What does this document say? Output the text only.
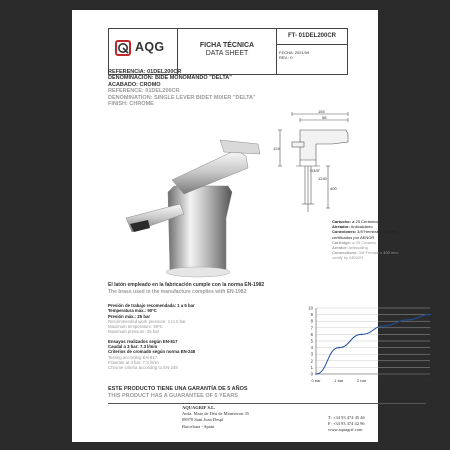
AQG	FICHA TÉCNICA
DATA SHEET
FT- 01DEL200CR
FECHA: 2021/09
REV.: 0
REFERENCIA: 01DEL200CR
DENOMINACIÓN: BIDÉ MONOMANDO "DELTA"
ACABADO: CROMO
REFERENCE: 01DEL200CR
DENOMINATION: SINGLE LEVER BIDET MIXER "DELTA"
FINISH: CHROME
155
58
124
G3/8"
400
1240
Cartucho: ø 25 Cerámico
Aireador: Anticalcáreo
Conexiones: 3/8"Hembra x 400 mm.
certificados por AENOR
Cartridge: ø 25 Ceramic
Aerator: Antiscaling
Connections: 3/8"Female x 400 mm.
certify by AENOR
El latón empleado en la fabricación cumple con la norma EN-1982
The brass used in the manufacture complies with EN-1982
Presión de trabajo recomendada: 1 a 5 bar
Temperatura máx.: 90ºC
Presión máx.: 25 bar
Recommended work pressure: 1 to 5 bar
Maximum temperature: 90ºC
Maximum pressure: 25 bar
Ensayos realizados según EN-817
Caudal a 3 bar: 7.3 l/min
Criterios de cromado según norma EN-248
Testing according EN-817
Flowrate at 3 bar: 7.3 l/min
Chrome criteria according to EN-248
0
1
2
3
4
5
6
7
8
9
10
0 bar	1 bar	2 bar	3 bar	4 bar	5 bar
ESTE PRODUCTO TIENE UNA GARANTÍA DE 5 AÑOS
THIS PRODUCT HAS A GUARANTEE OF 5 YEARS
AQUAGRIF S.L.
Avda. Mare de Déu de Montserrat 35
08970 Sant Joan Despí
Barcelona - Spain
T: +34 93 474 45 46
F: +34 93 474 42 96
www.aquagrif.com
